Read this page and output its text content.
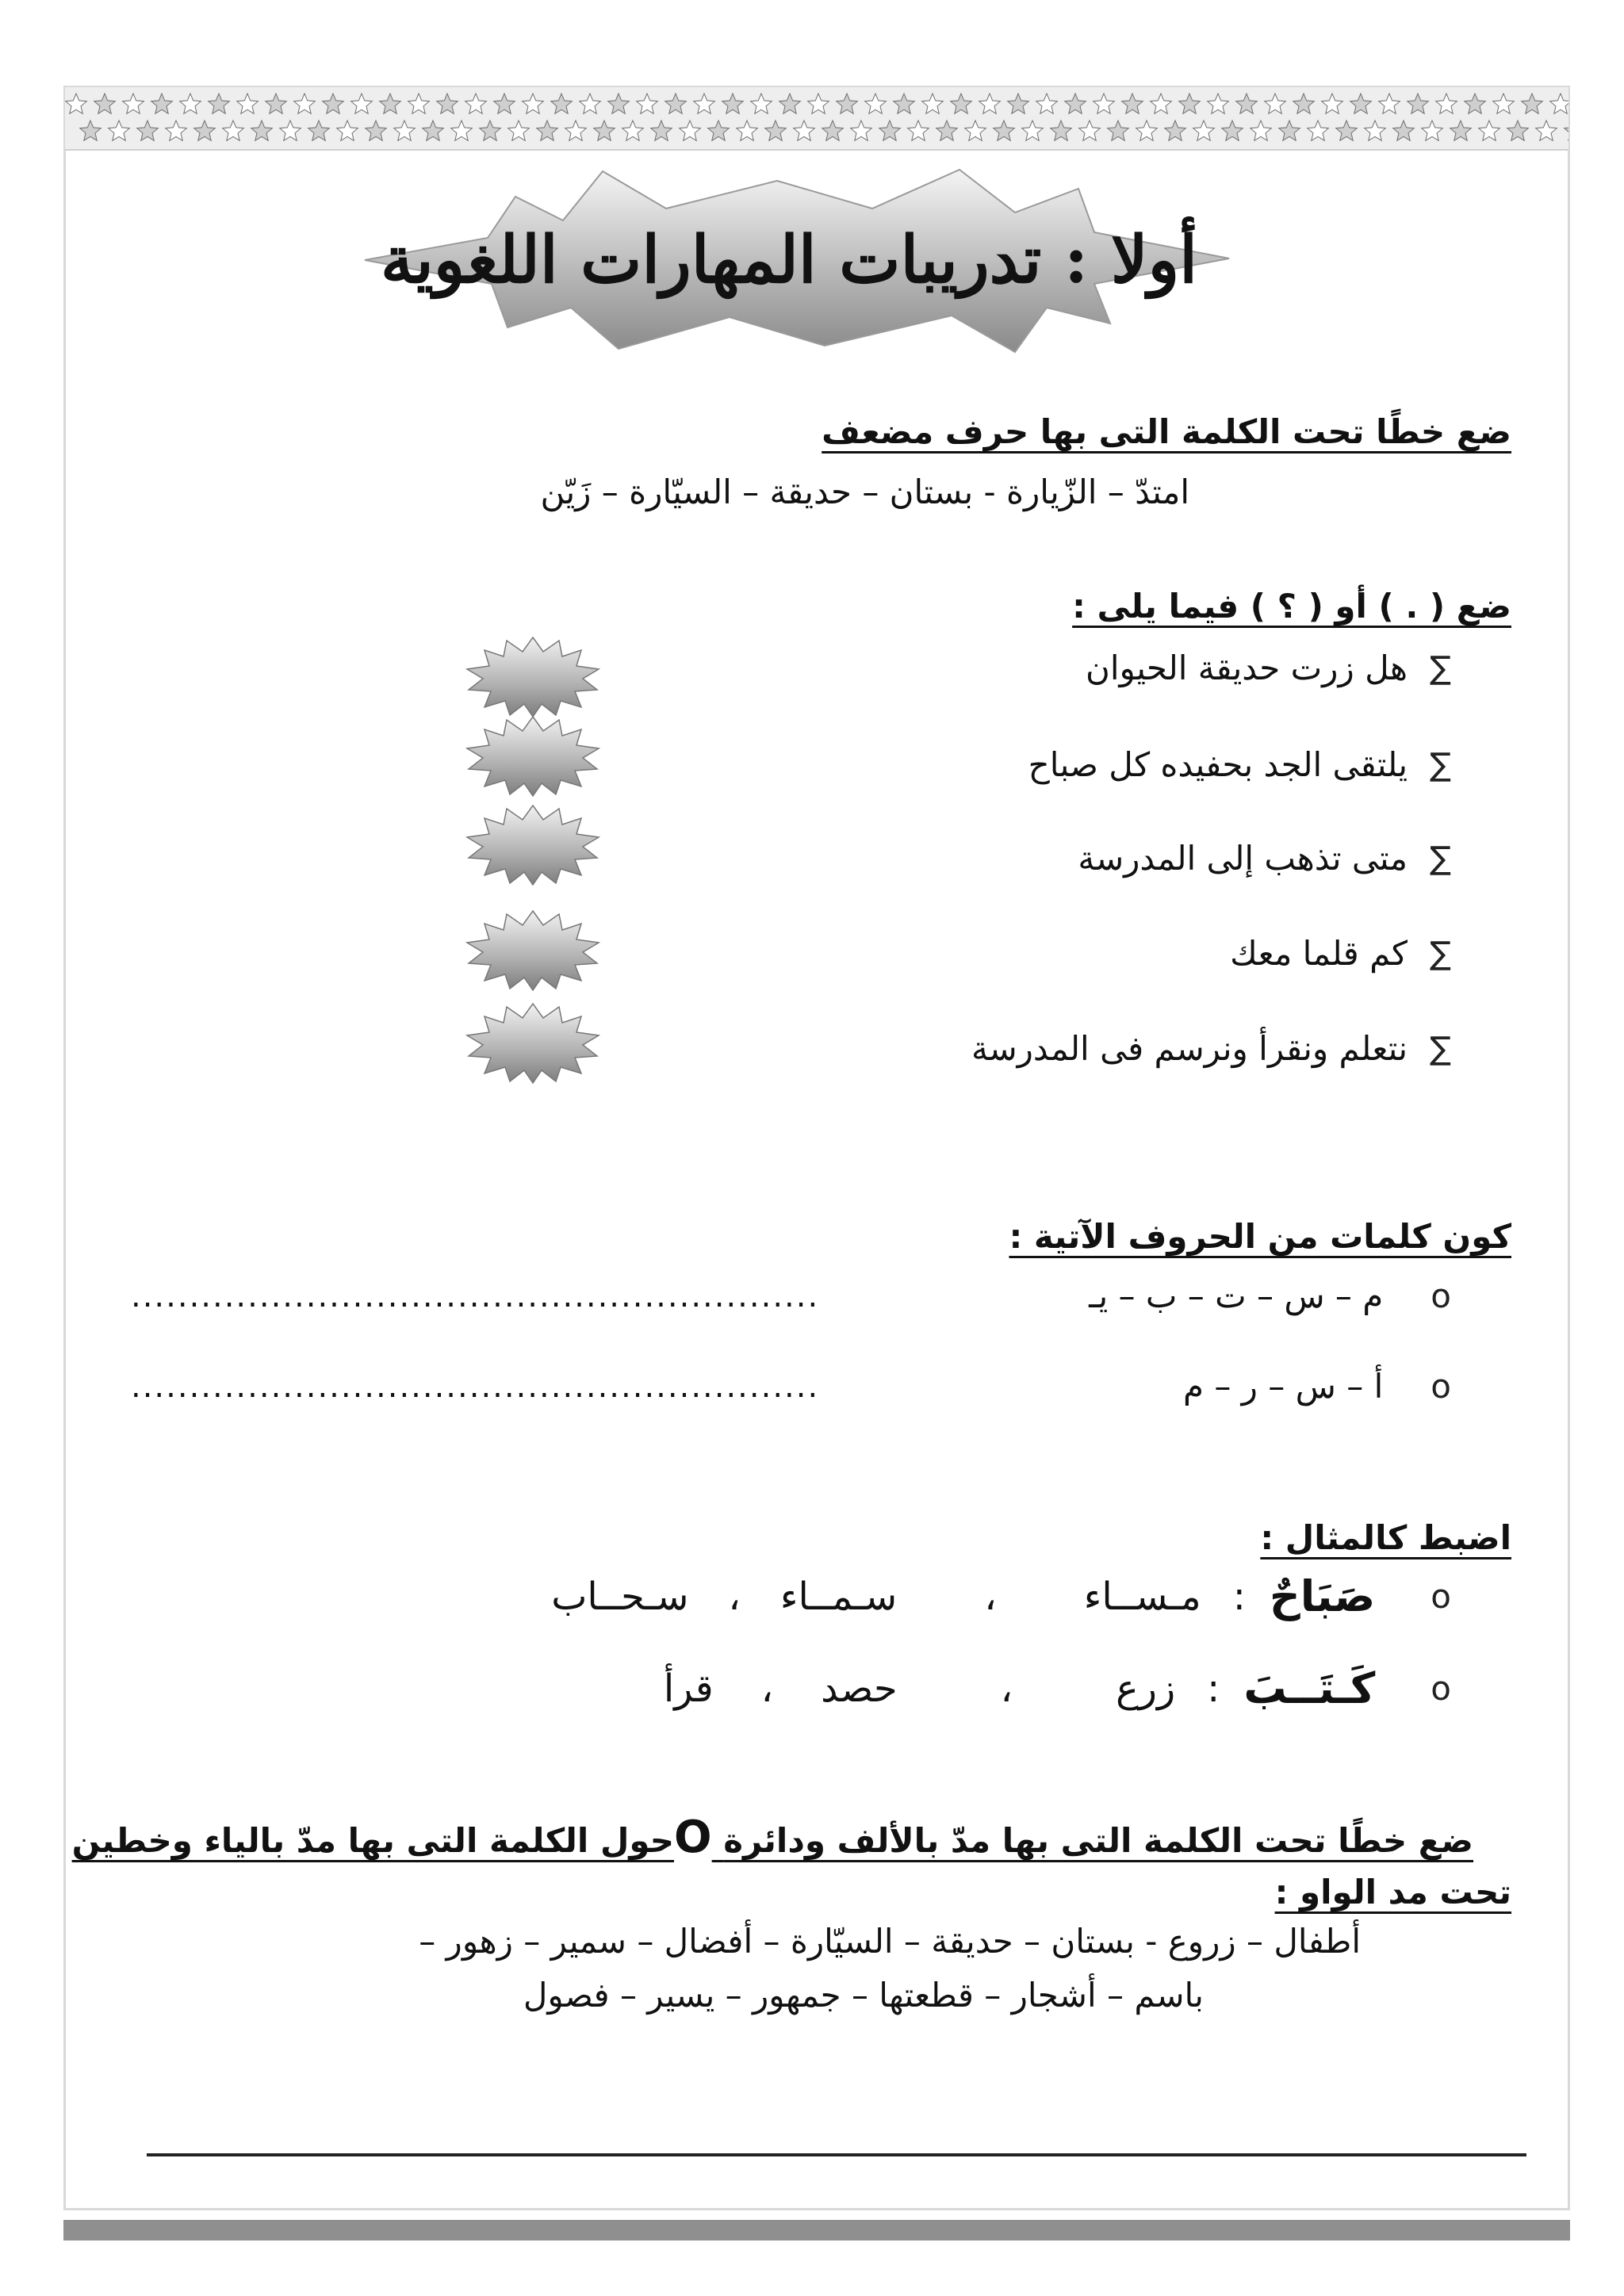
أولا : تدريبات المهارات اللغوية
ضع خطًا تحت الكلمة التى بها حرف مضعف
امتدّ – الزّيارة - بستان – حديقة – السيّارة – زَيّن
ضع ( . ) أو ( ؟ ) فيما يلى :
∑
هل زرت حديقة الحيوان
∑
يلتقى الجد بحفيده كل صباح
∑
متى تذهب إلى المدرسة
∑
كم قلما معك
∑
نتعلم ونقرأ ونرسم فى المدرسة
كون كلمات من الحروف الآتية :
o
م – س – ت – ب – يـ
...........................................................
o
أ – س – ر – م
...........................................................
اضبط كالمثال :
o
صَبَاحٌ
:
مـســاء
،
سـمــاء
،
سـحــاب
o
كَـتَــبَ
:
زرع
،
حصد
،
قرأ
ضع خطًا تحت الكلمة التى بها مدّ بالألف ودائرة Oحول الكلمة التى بها مدّ بالياء وخطين
تحت مد الواو :
أطفال – زروع - بستان – حديقة – السيّارة – أفضال – سمير – زهور –
باسم – أشجار – قطعتها – جمهور – يسير – فصول
